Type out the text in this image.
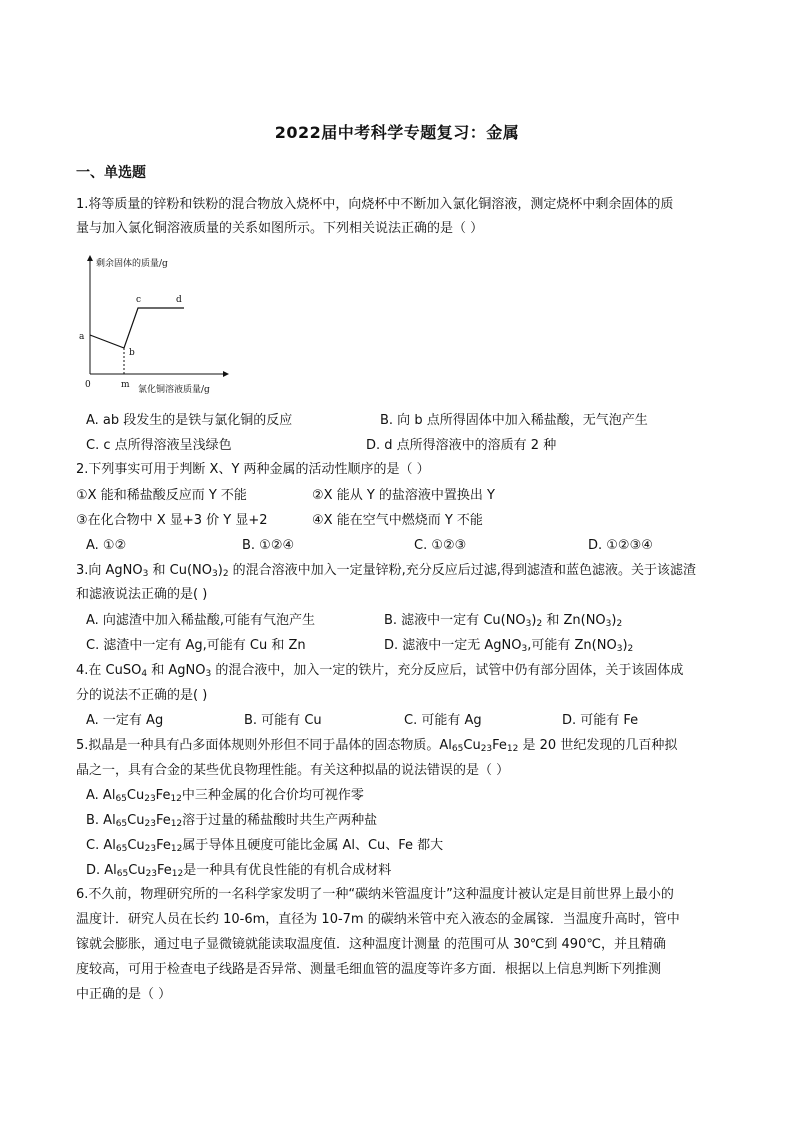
2022届中考科学专题复习：金属
一、单选题
1.将等质量的锌粉和铁粉的混合物放入烧杯中，向烧杯中不断加入氯化铜溶液，测定烧杯中剩余固体的质
量与加入氯化铜溶液质量的关系如图所示。下列相关说法正确的是（ ）
剩余固体的质量/g
氯化铜溶液质量/g
0	m
a
b
c	d
A. ab 段发生的是铁与氯化铜的反应	B. 向 b 点所得固体中加入稀盐酸，无气泡产生
C. c 点所得溶液呈浅绿色	D. d 点所得溶液中的溶质有 2 种
2.下列事实可用于判断 X、Y 两种金属的活动性顺序的是（ ）
①X 能和稀盐酸反应而 Y 不能	②X 能从 Y 的盐溶液中置换出 Y
③在化合物中 X 显+3 价 Y 显+2	④X 能在空气中燃烧而 Y 不能
A. ①②	B. ①②④	C. ①②③	D. ①②③④
3.向 AgNO$_3$ 和 $Cu(NO_3)_2$ 的混合溶液中加入一定量锌粉,充分反应后过滤,得到滤渣和蓝色滤液。关于该滤渣
和滤液说法正确的是( )
A. 向滤渣中加入稀盐酸,可能有气泡产生	B. 滤液中一定有 $Cu(NO_3)_2$ 和 $Zn(NO_3)_2$
C. 滤渣中一定有 Ag,可能有 Cu 和 Zn	D. 滤液中一定无 AgNO$_3$,可能有 $Zn(NO_3)_2$
4.在 CuSO$_4$ 和 AgNO$_3$ 的混合液中，加入一定的铁片，充分反应后，试管中仍有部分固体，关于该固体成
分的说法不正确的是( )
A. 一定有 Ag	B. 可能有 Cu	C. 可能有 Ag	D. 可能有 Fe
5.拟晶是一种具有凸多面体规则外形但不同于晶体的固态物质。$Al_{65}Cu_{23}Fe_{12}$ 是 20 世纪发现的几百种拟
晶之一，具有合金的某些优良物理性能。有关这种拟晶的说法错误的是（ ）
A. $Al_{65}Cu_{23}Fe_{12}$中三种金属的化合价均可视作零
B. $Al_{65}Cu_{23}Fe_{12}$溶于过量的稀盐酸时共生产两种盐
C. $Al_{65}Cu_{23}Fe_{12}$属于导体且硬度可能比金属 Al、Cu、Fe 都大
D. $Al_{65}Cu_{23}Fe_{12}$是一种具有优良性能的有机合成材料
6.不久前，物理研究所的一名科学家发明了一种“碳纳米管温度计”这种温度计被认定是目前世界上最小的
温度计．研究人员在长约 10-6m，直径为 10-7m 的碳纳米管中充入液态的金属镓．当温度升高时，管中
镓就会膨胀，通过电子显微镜就能读取温度值．这种温度计测量 的范围可从 30℃到 490℃，并且精确
度较高，可用于检查电子线路是否异常、测量毛细血管的温度等许多方面．根据以上信息判断下列推测
中正确的是（ ）
